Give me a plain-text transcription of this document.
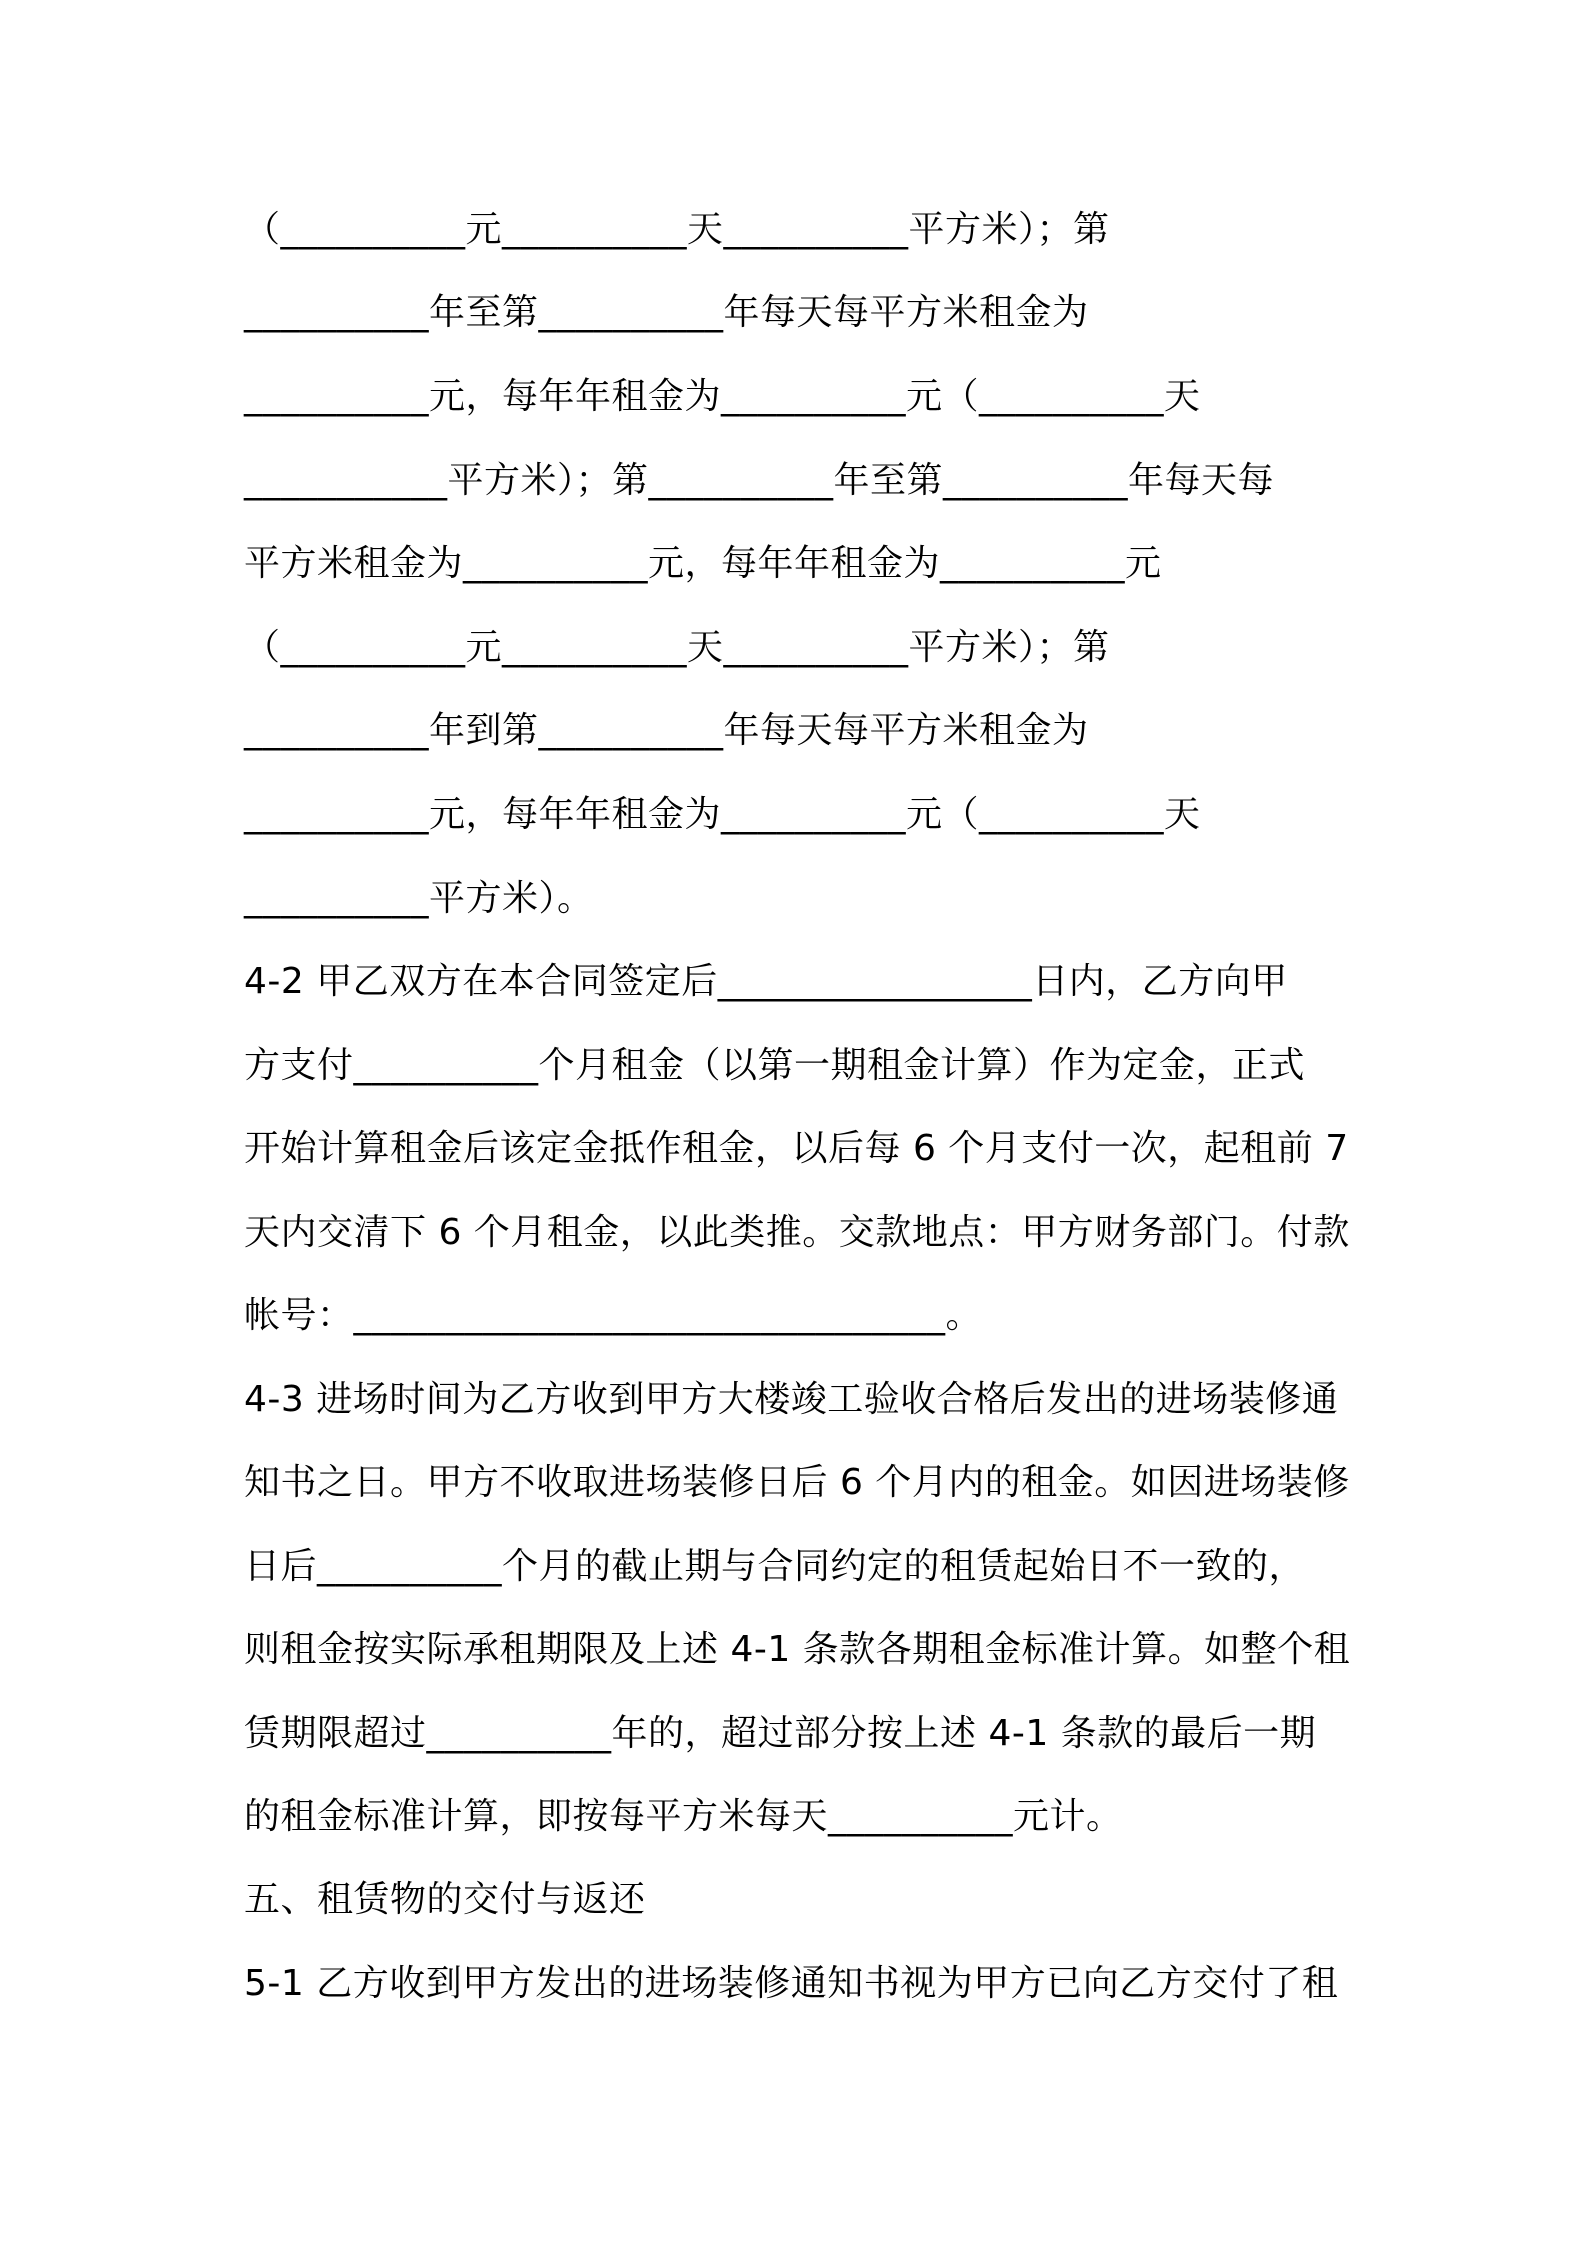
（__________元__________天__________平方米）；第

__________年至第__________年每天每平方米租金为

__________元，每年年租金为__________元（__________天

___________平方米）；第__________年至第__________年每天每

平方米租金为__________元，每年年租金为__________元

（__________元__________天__________平方米）；第

__________年到第__________年每天每平方米租金为

__________元，每年年租金为__________元（__________天

__________平方米）。

4-2 甲乙双方在本合同签定后_________________日内，乙方向甲

方支付__________个月租金（以第一期租金计算）作为定金，正式

开始计算租金后该定金抵作租金，以后每 6 个月支付一次，起租前 7

天内交清下 6 个月租金，以此类推。交款地点：甲方财务部门。付款

帐号：________________________________。

4-3 进场时间为乙方收到甲方大楼竣工验收合格后发出的进场装修通

知书之日。甲方不收取进场装修日后 6 个月内的租金。如因进场装修

日后__________个月的截止期与合同约定的租赁起始日不一致的，

则租金按实际承租期限及上述 4-1 条款各期租金标准计算。如整个租

赁期限超过__________年的，超过部分按上述 4-1 条款的最后一期

的租金标准计算，即按每平方米每天__________元计。

五、租赁物的交付与返还

5-1 乙方收到甲方发出的进场装修通知书视为甲方已向乙方交付了租
